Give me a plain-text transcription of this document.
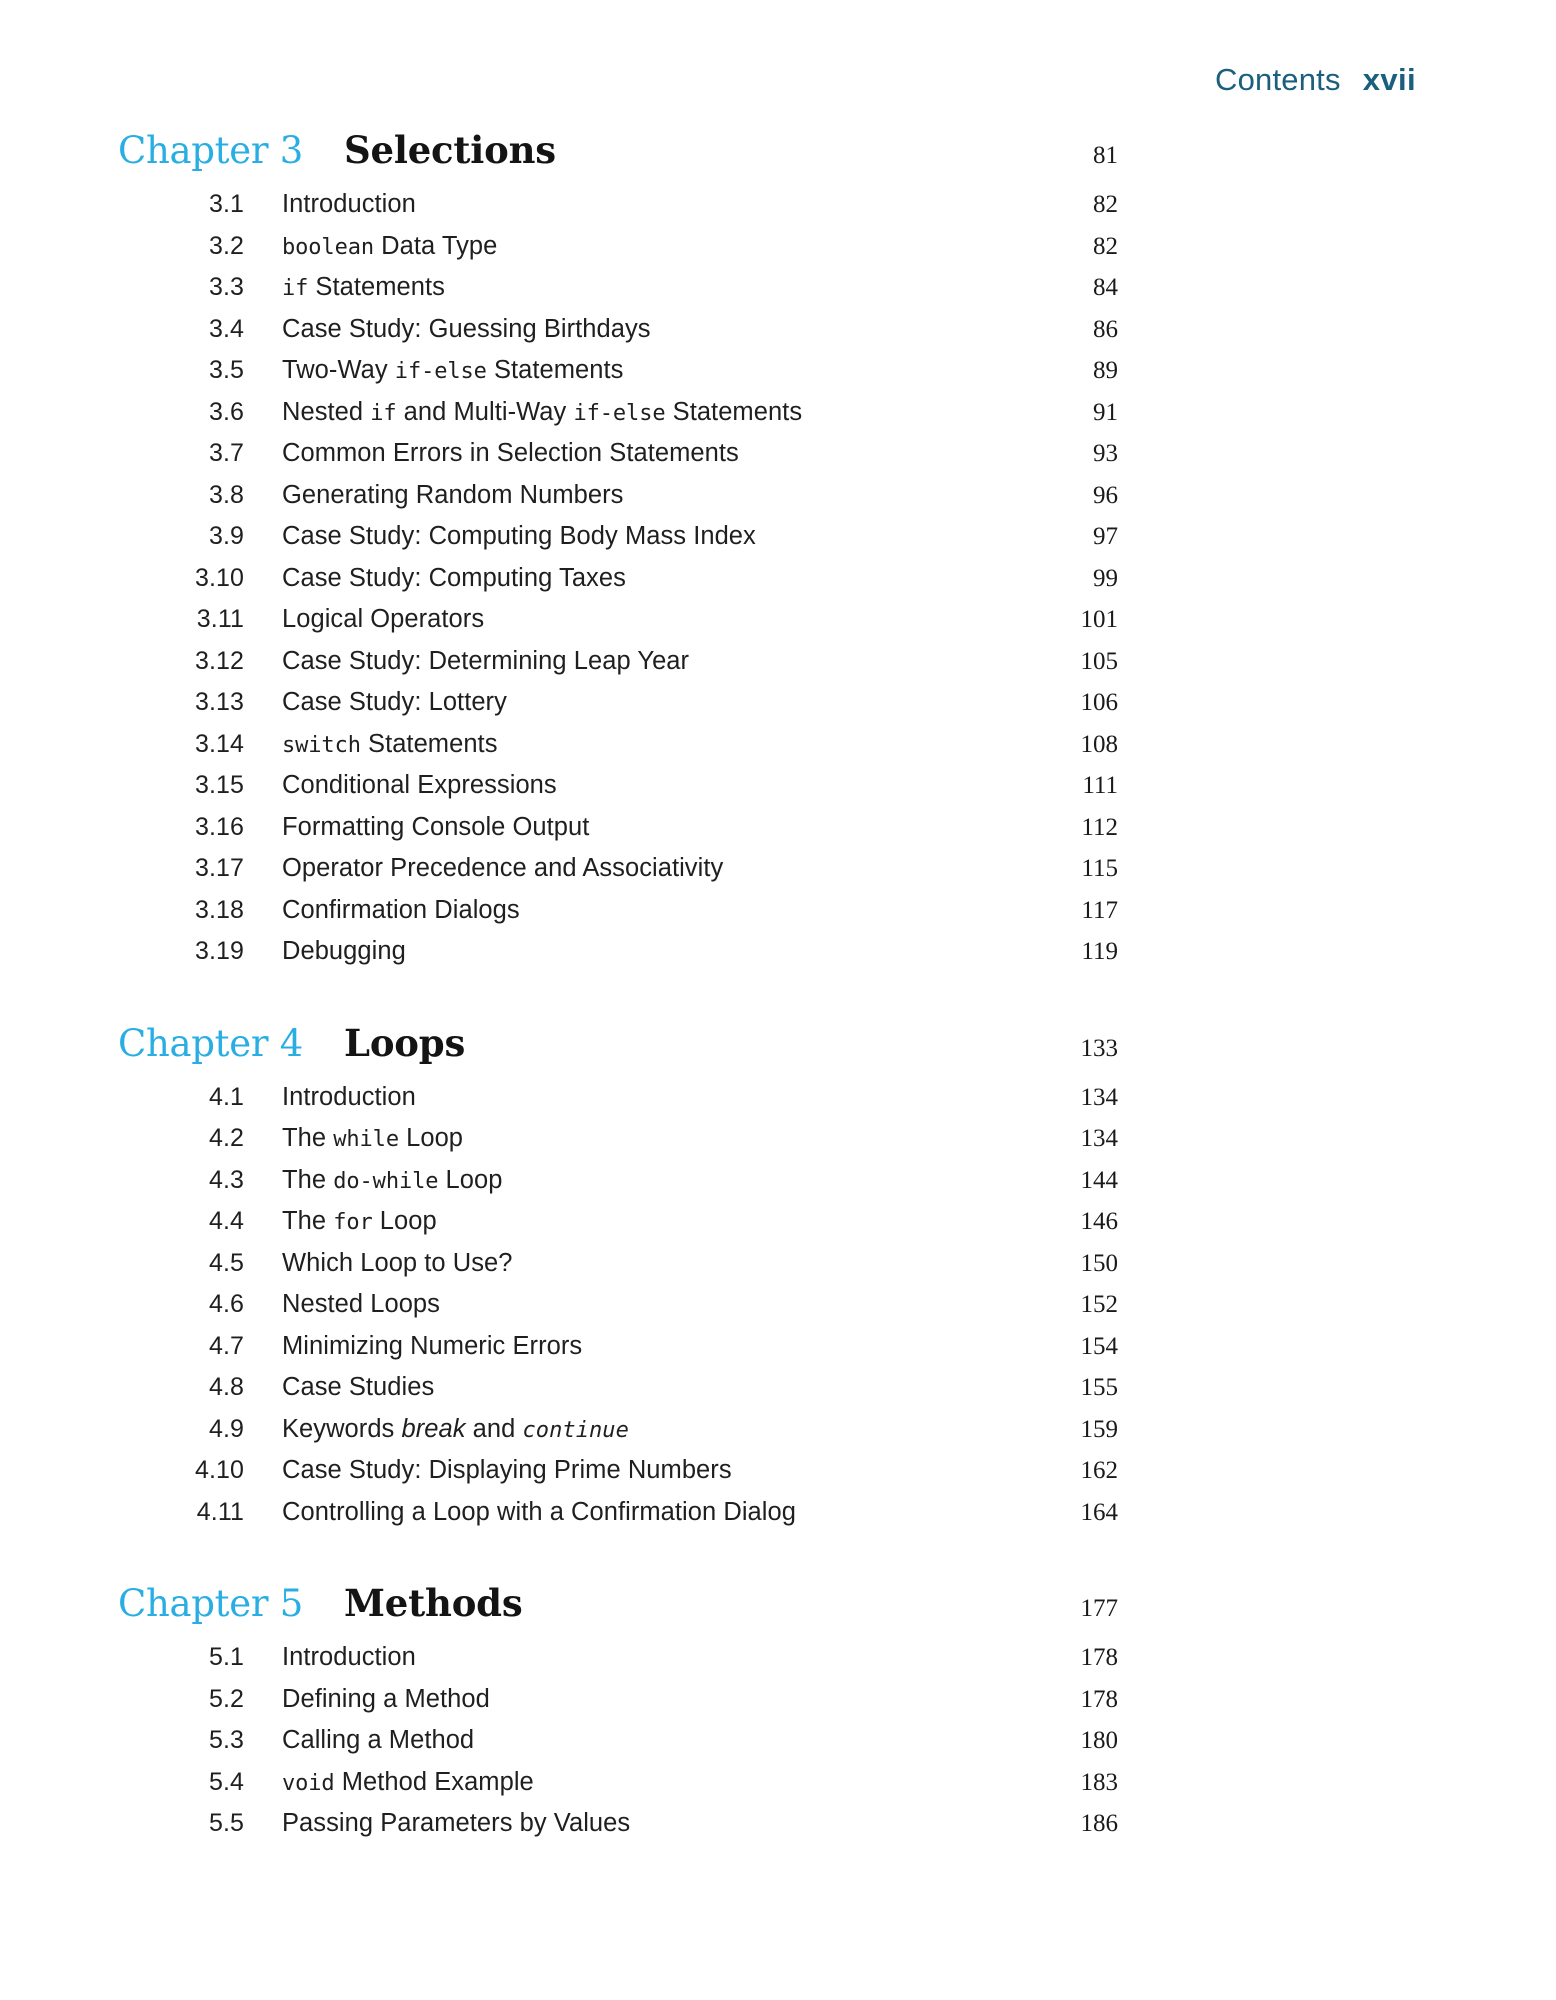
Contents xvii
Chapter 3	Selections	81
3.1	Introduction	82
3.2	boolean Data Type	82
3.3	if Statements	84
3.4	Case Study: Guessing Birthdays	86
3.5	Two-Way if-else Statements	89
3.6	Nested if and Multi-Way if-else Statements	91
3.7	Common Errors in Selection Statements	93
3.8	Generating Random Numbers	96
3.9	Case Study: Computing Body Mass Index	97
3.10	Case Study: Computing Taxes	99
3.11	Logical Operators	101
3.12	Case Study: Determining Leap Year	105
3.13	Case Study: Lottery	106
3.14	switch Statements	108
3.15	Conditional Expressions	111
3.16	Formatting Console Output	112
3.17	Operator Precedence and Associativity	115
3.18	Confirmation Dialogs	117
3.19	Debugging	119
Chapter 4	Loops	133
4.1	Introduction	134
4.2	The while Loop	134
4.3	The do-while Loop	144
4.4	The for Loop	146
4.5	Which Loop to Use?	150
4.6	Nested Loops	152
4.7	Minimizing Numeric Errors	154
4.8	Case Studies	155
4.9	Keywords break and continue	159
4.10	Case Study: Displaying Prime Numbers	162
4.11	Controlling a Loop with a Confirmation Dialog	164
Chapter 5	Methods	177
5.1	Introduction	178
5.2	Defining a Method	178
5.3	Calling a Method	180
5.4	void Method Example	183
5.5	Passing Parameters by Values	186
